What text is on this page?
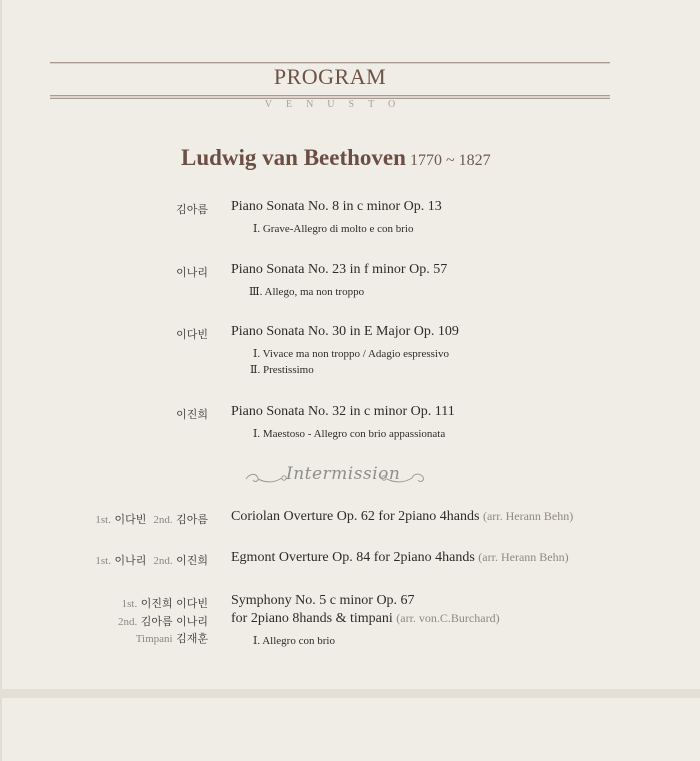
PROGRAM
VENUSTO
Ludwig van Beethoven 1770 ~ 1827
김아름 Piano Sonata No. 8 in c minor Op. 13
Ⅰ. Grave-Allegro di molto e con brio
이나리 Piano Sonata No. 23 in f minor Op. 57
Ⅲ. Allego, ma non troppo
이다빈 Piano Sonata No. 30 in E Major Op. 109
Ⅰ. Vivace ma non troppo / Adagio espressivo
Ⅱ. Prestissimo
이진희 Piano Sonata No. 32 in c minor Op. 111
Ⅰ. Maestoso - Allegro con brio appassionata
Intermission
1st. 이다빈 2nd. 김아름 Coriolan Overture Op. 62 for 2piano 4hands (arr. Herann Behn)
1st. 이나리 2nd. 이진희 Egmont Overture Op. 84 for 2piano 4hands (arr. Herann Behn)
1st. 이진희 이다빈
2nd. 김아름 이나리
Timpani 김재훈
Symphony No. 5 c minor Op. 67
for 2piano 8hands & timpani (arr. von.C.Burchard)
Ⅰ. Allegro con brio
